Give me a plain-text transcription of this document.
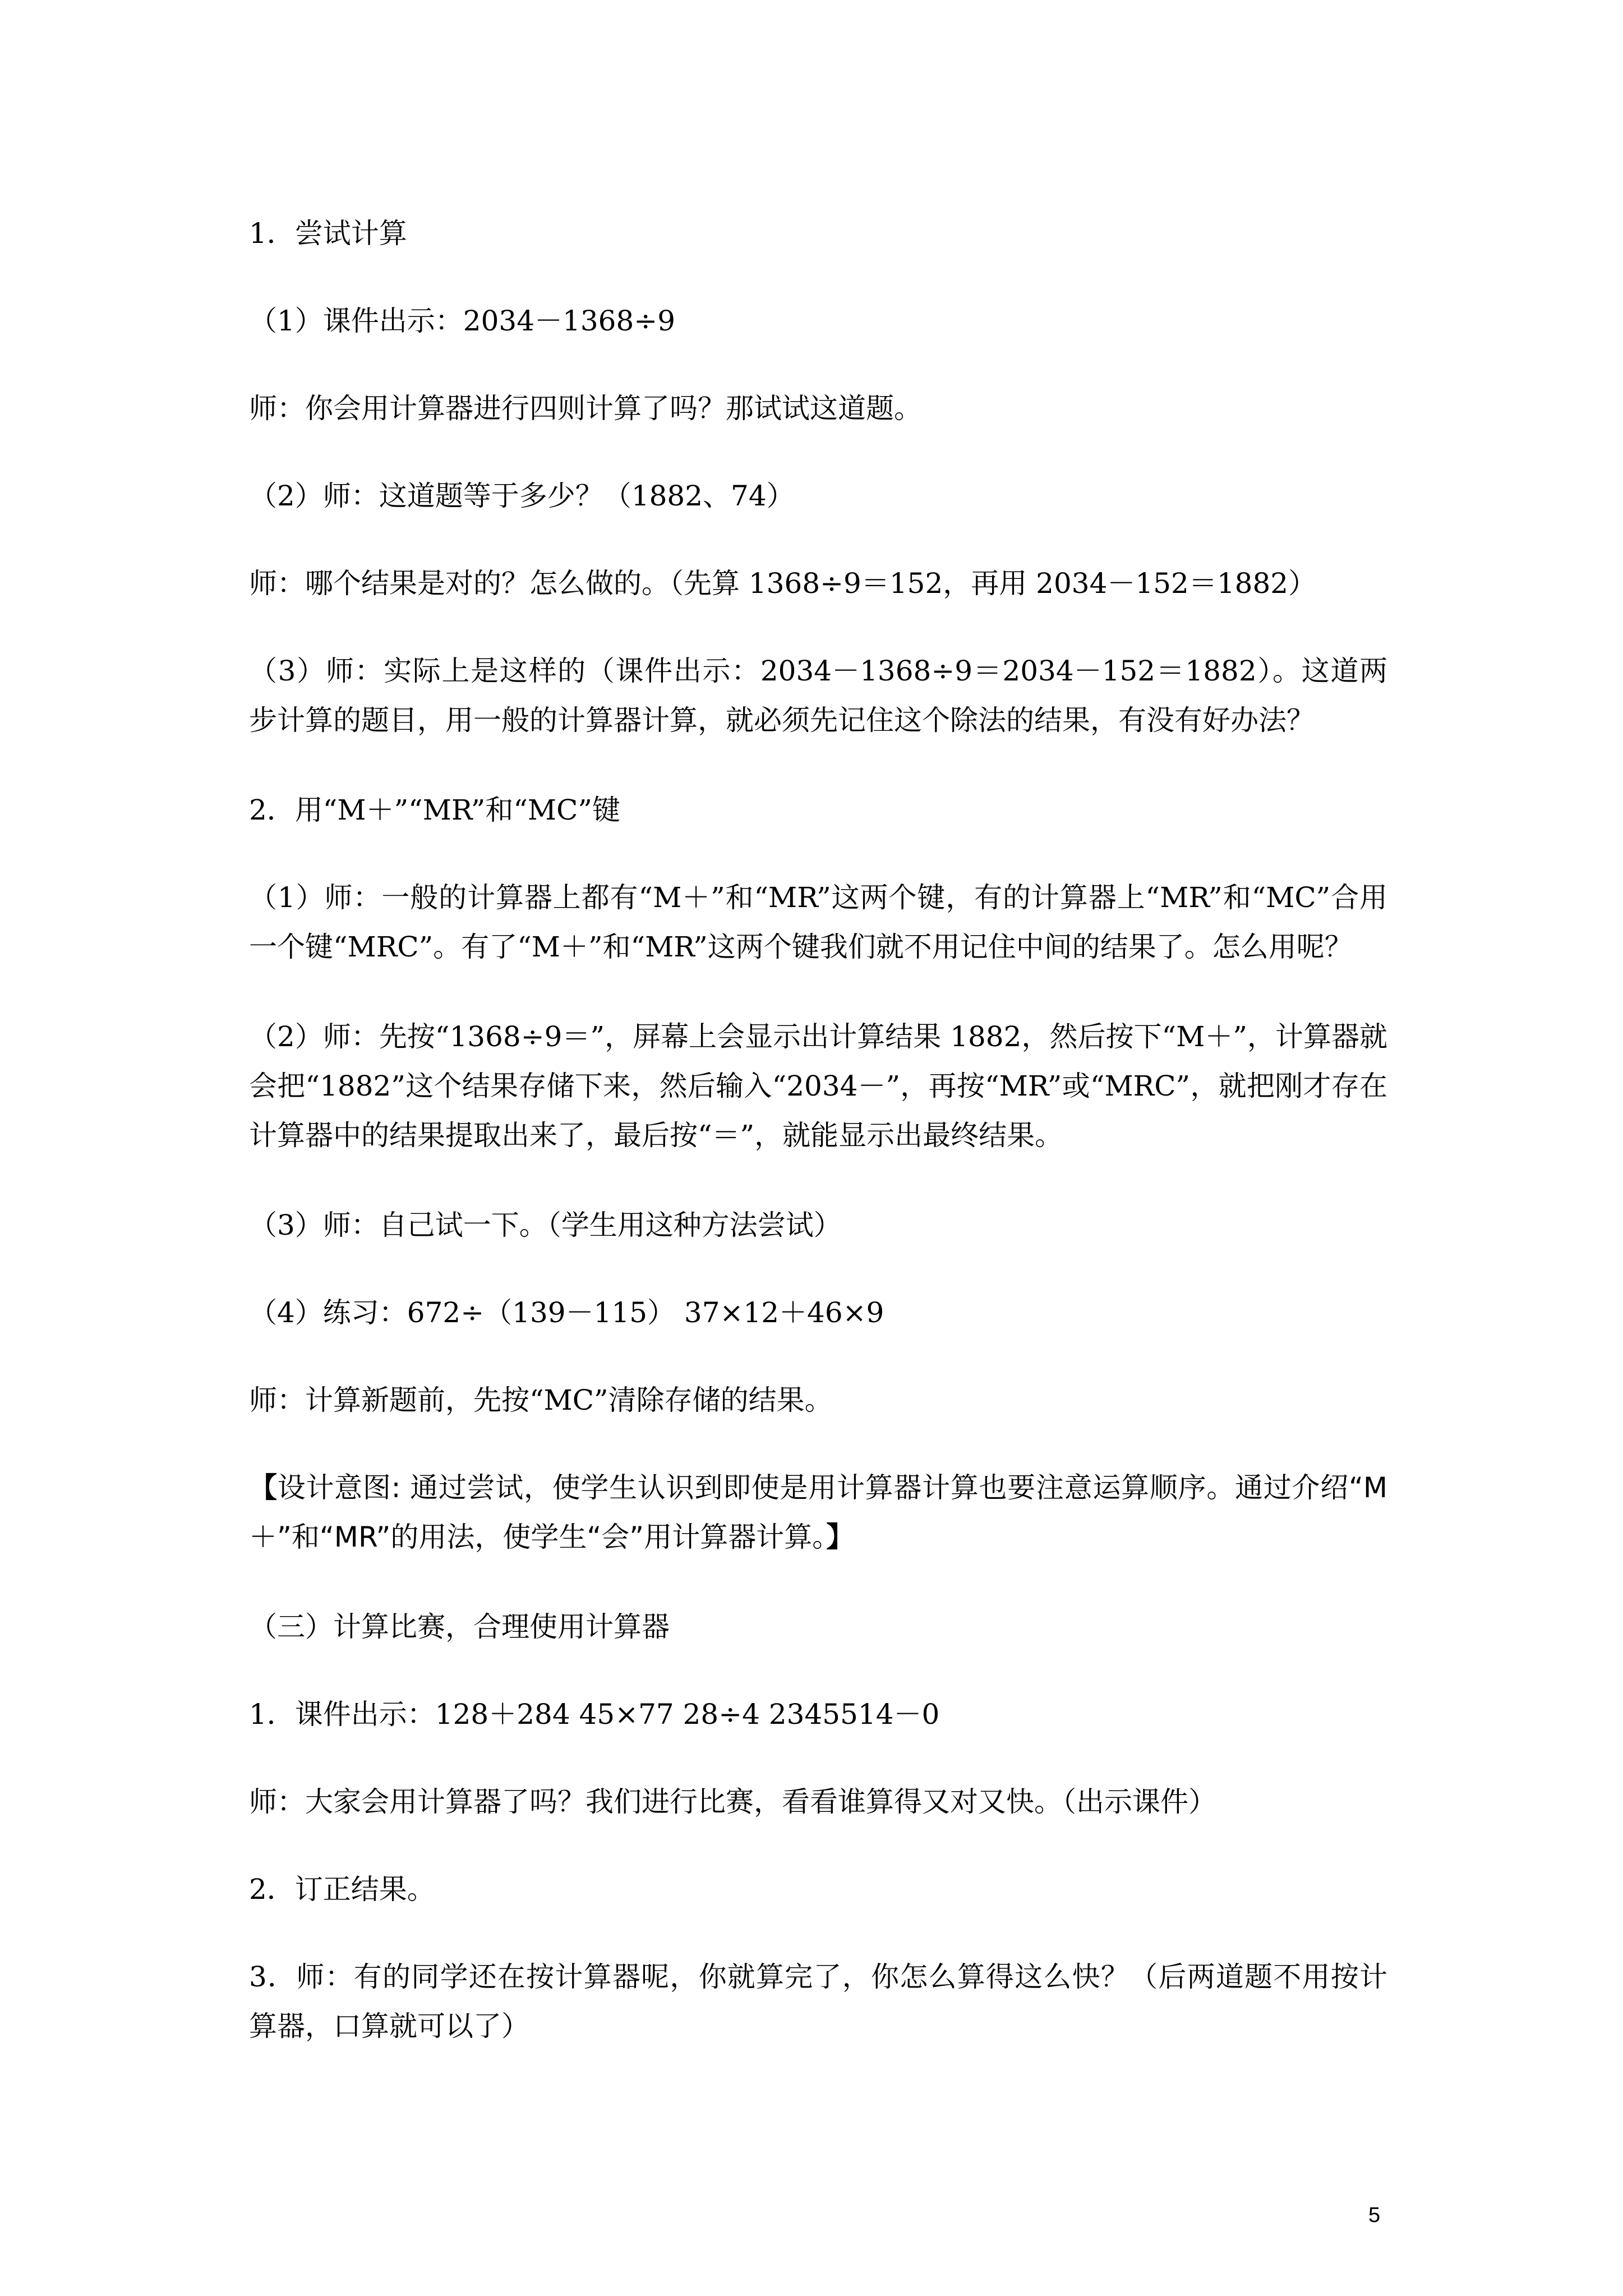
1．尝试计算

（1）课件出示：2034－1368÷9

师：你会用计算器进行四则计算了吗？那试试这道题。

（2）师：这道题等于多少？（1882、74）

师：哪个结果是对的？怎么做的。（先算 1368÷9＝152，再用 2034－152＝1882）

（3）师：实际上是这样的（课件出示：2034－1368÷9＝2034－152＝1882）。这道两步计算的题目，用一般的计算器计算，就必须先记住这个除法的结果，有没有好办法？

2．用“M＋”“MR”和“MC”键

（1）师：一般的计算器上都有“M＋”和“MR”这两个键，有的计算器上“MR”和“MC”合用一个键“MRC”。有了“M＋”和“MR”这两个键我们就不用记住中间的结果了。怎么用呢？

（2）师：先按“1368÷9＝”，屏幕上会显示出计算结果 1882，然后按下“M＋”，计算器就会把“1882”这个结果存储下来，然后输入“2034－”，再按“MR”或“MRC”，就把刚才存在计算器中的结果提取出来了，最后按“＝”，就能显示出最终结果。

（3）师：自己试一下。（学生用这种方法尝试）

（4）练习：672÷（139－115） 37×12＋46×9

师：计算新题前，先按“MC”清除存储的结果。

【设计意图: 通过尝试，使学生认识到即使是用计算器计算也要注意运算顺序。通过介绍“M＋”和“MR”的用法，使学生“会”用计算器计算。】

（三）计算比赛，合理使用计算器

1．课件出示：128＋284 45×77 28÷4 2345514－0

师：大家会用计算器了吗？我们进行比赛，看看谁算得又对又快。（出示课件）

2．订正结果。

3．师：有的同学还在按计算器呢，你就算完了，你怎么算得这么快？（后两道题不用按计算器，口算就可以了）

5
